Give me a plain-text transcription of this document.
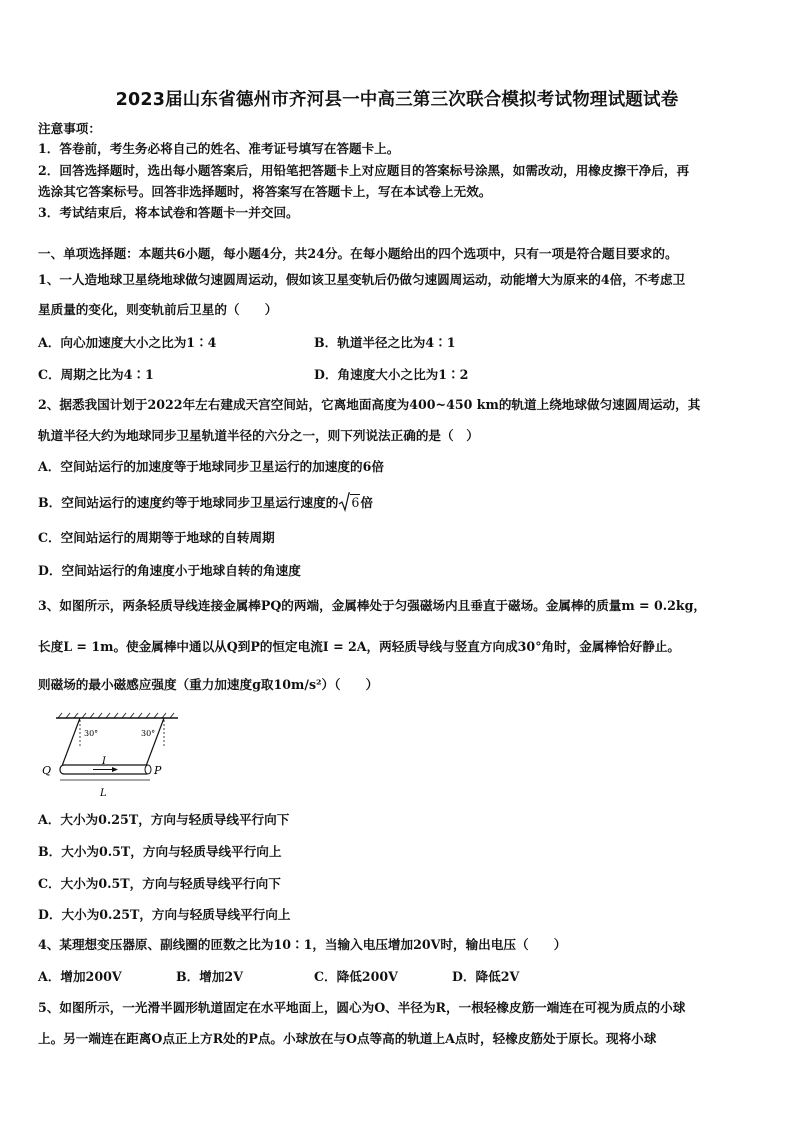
2023届山东省德州市齐河县一中高三第三次联合模拟考试物理试题试卷
注意事项：
1．答卷前，考生务必将自己的姓名、准考证号填写在答题卡上。
2．回答选择题时，选出每小题答案后，用铅笔把答题卡上对应题目的答案标号涂黑，如需改动，用橡皮擦干净后，再
选涂其它答案标号。回答非选择题时，将答案写在答题卡上，写在本试卷上无效。
3．考试结束后，将本试卷和答题卡一并交回。
一、单项选择题：本题共6小题，每小题4分，共24分。在每小题给出的四个选项中，只有一项是符合题目要求的。
1、一人造地球卫星绕地球做匀速圆周运动，假如该卫星变轨后仍做匀速圆周运动，动能增大为原来的4倍，不考虑卫
星质量的变化，则变轨前后卫星的（　　）
A．向心加速度大小之比为1∶4	B．轨道半径之比为4∶1
C．周期之比为4∶1	D．角速度大小之比为1∶2
2、据悉我国计划于2022年左右建成天宫空间站，它离地面高度为400~450 km的轨道上绕地球做匀速圆周运动，其
轨道半径大约为地球同步卫星轨道半径的六分之一，则下列说法正确的是（　）
A．空间站运行的加速度等于地球同步卫星运行的加速度的6倍
B．空间站运行的速度约等于地球同步卫星运行速度的 6倍
C．空间站运行的周期等于地球的自转周期
D．空间站运行的角速度小于地球自转的角速度
3、如图所示，两条轻质导线连接金属棒PQ的两端，金属棒处于匀强磁场内且垂直于磁场。金属棒的质量m = 0.2kg，
长度L = 1m。使金属棒中通以从Q到P的恒定电流I = 2A，两轻质导线与竖直方向成30°角时，金属棒恰好静止。
则磁场的最小磁感应强度（重力加速度g取10m/s²）（　　）
30°	30°
I
Q	P
L
A．大小为0.25T，方向与轻质导线平行向下
B．大小为0.5T，方向与轻质导线平行向上
C．大小为0.5T，方向与轻质导线平行向下
D．大小为0.25T，方向与轻质导线平行向上
4、某理想变压器原、副线圈的匝数之比为10∶1，当输入电压增加20V时，输出电压（　　）
A．增加200V	B．增加2V	C．降低200V	D．降低2V
5、如图所示，一光滑半圆形轨道固定在水平地面上，圆心为O、半径为R，一根轻橡皮筋一端连在可视为质点的小球
上。另一端连在距离O点正上方R处的P点。小球放在与O点等高的轨道上A点时，轻橡皮筋处于原长。现将小球
